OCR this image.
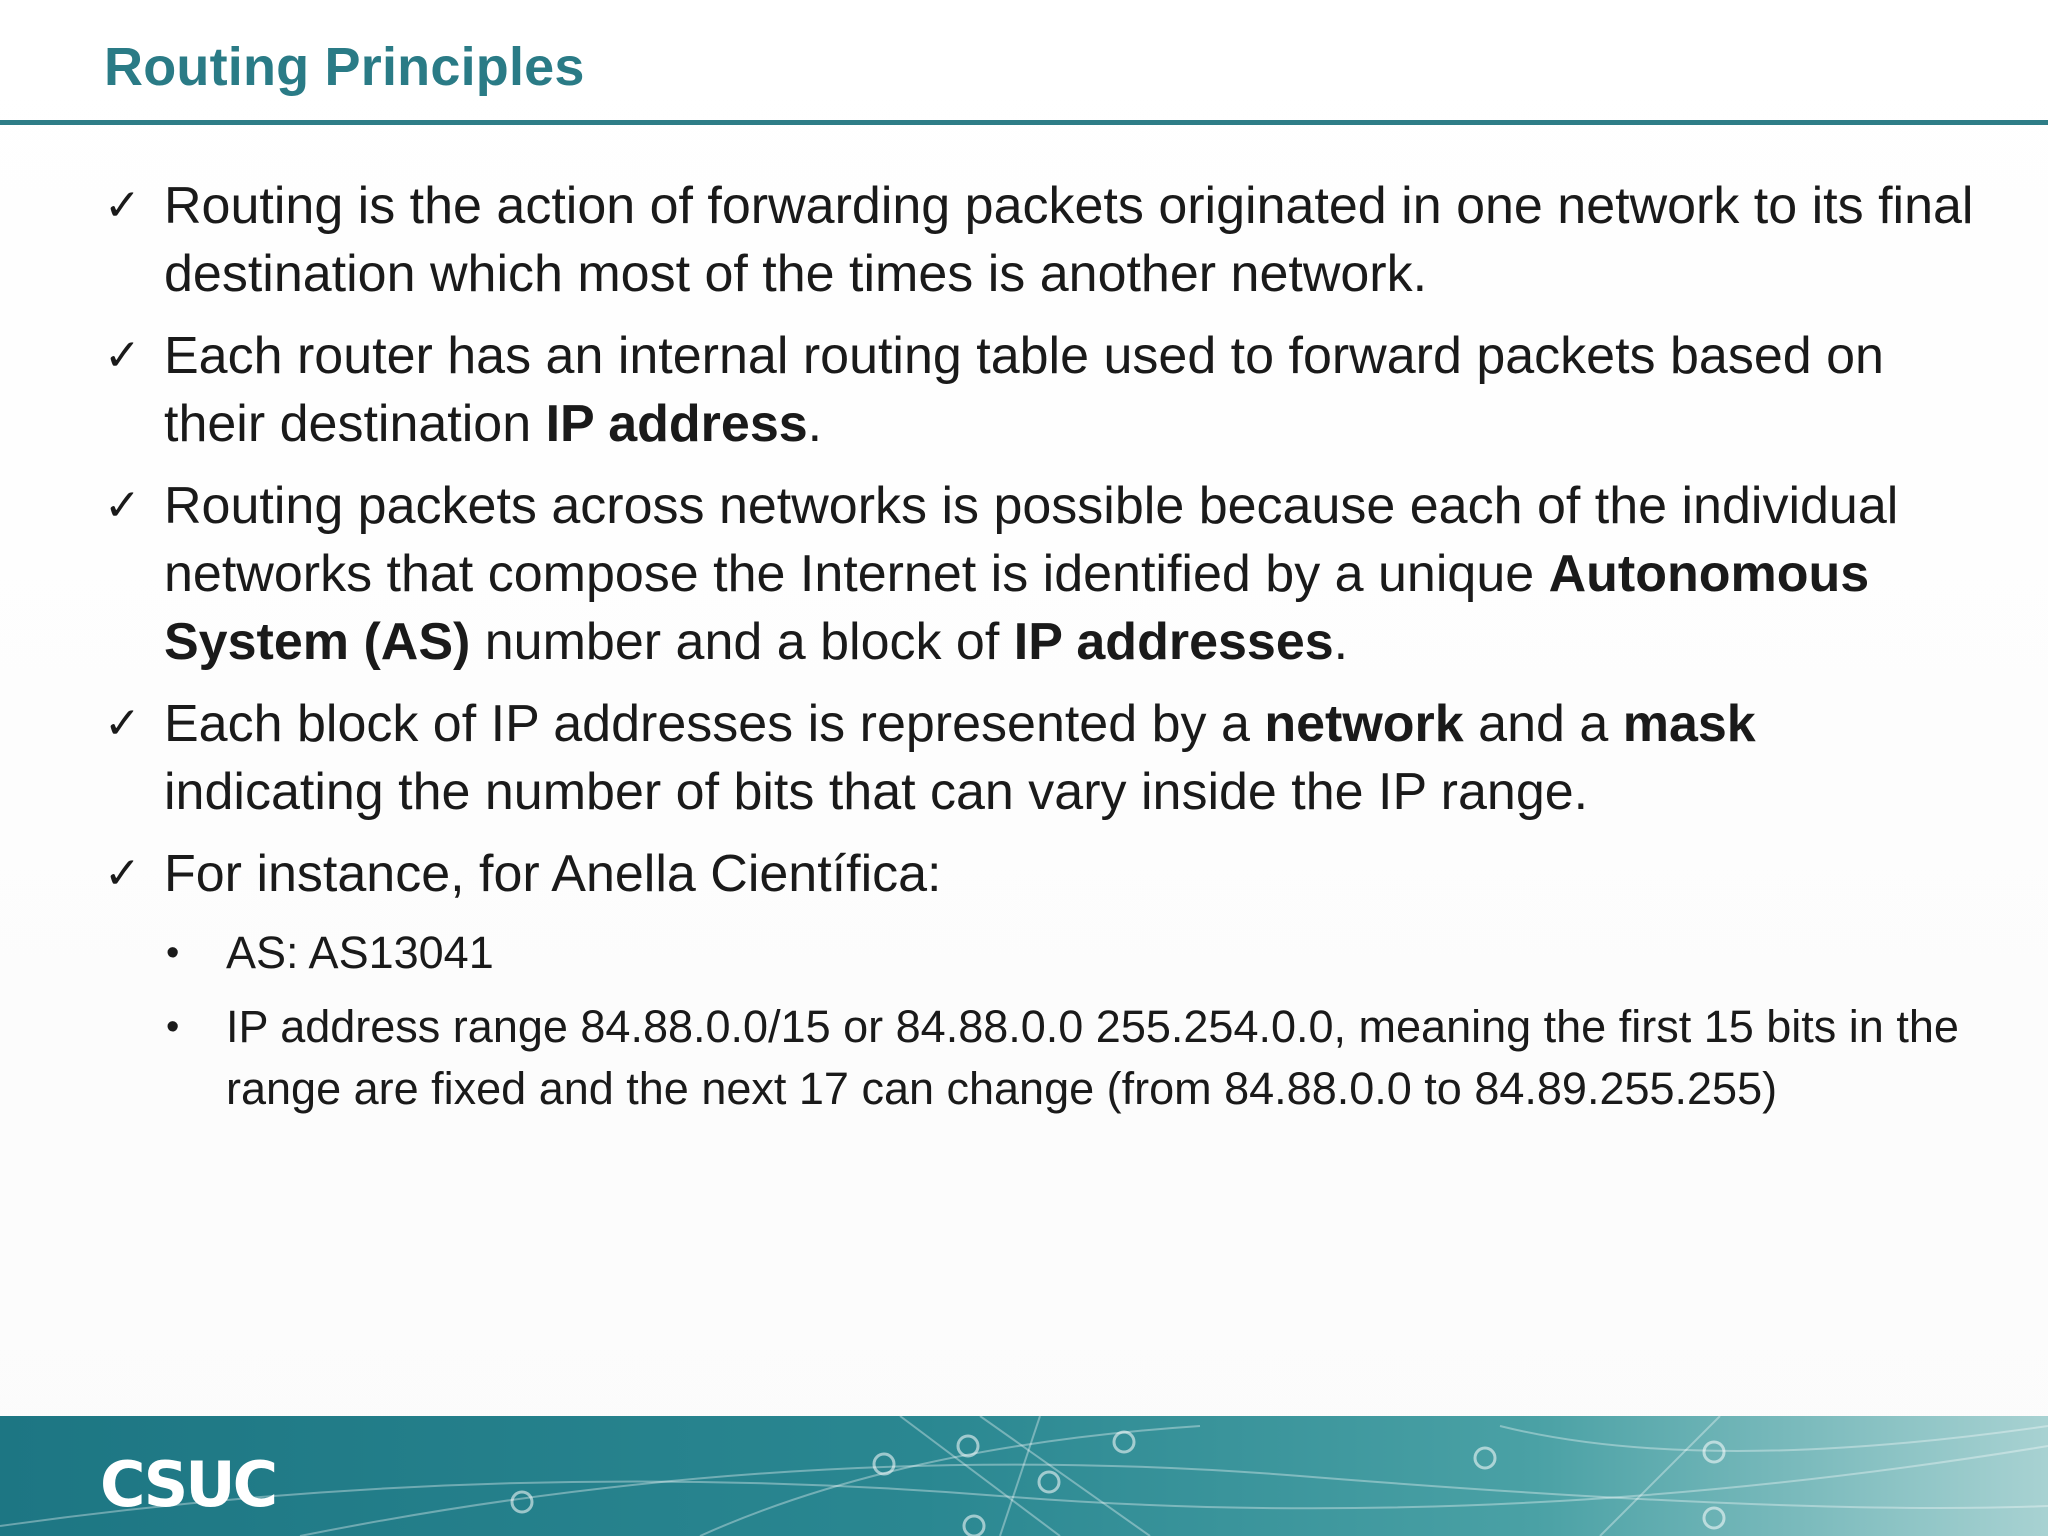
Routing Principles
✓ Routing is the action of forwarding packets originated in one network to its final destination which most of the times is another network.
✓ Each router has an internal routing table used to forward packets based on their destination IP address.
✓ Routing packets across networks is possible because each of the individual networks that compose the Internet is identified by a unique Autonomous System (AS) number and a block of IP addresses.
✓ Each block of IP addresses is represented by a network and a mask indicating the number of bits that can vary inside the IP range.
✓ For instance, for Anella Científica:
• AS: AS13041
• IP address range 84.88.0.0/15 or 84.88.0.0 255.254.0.0, meaning the first 15 bits in the range are fixed and the next 17 can change (from 84.88.0.0 to 84.89.255.255)
CSUC
